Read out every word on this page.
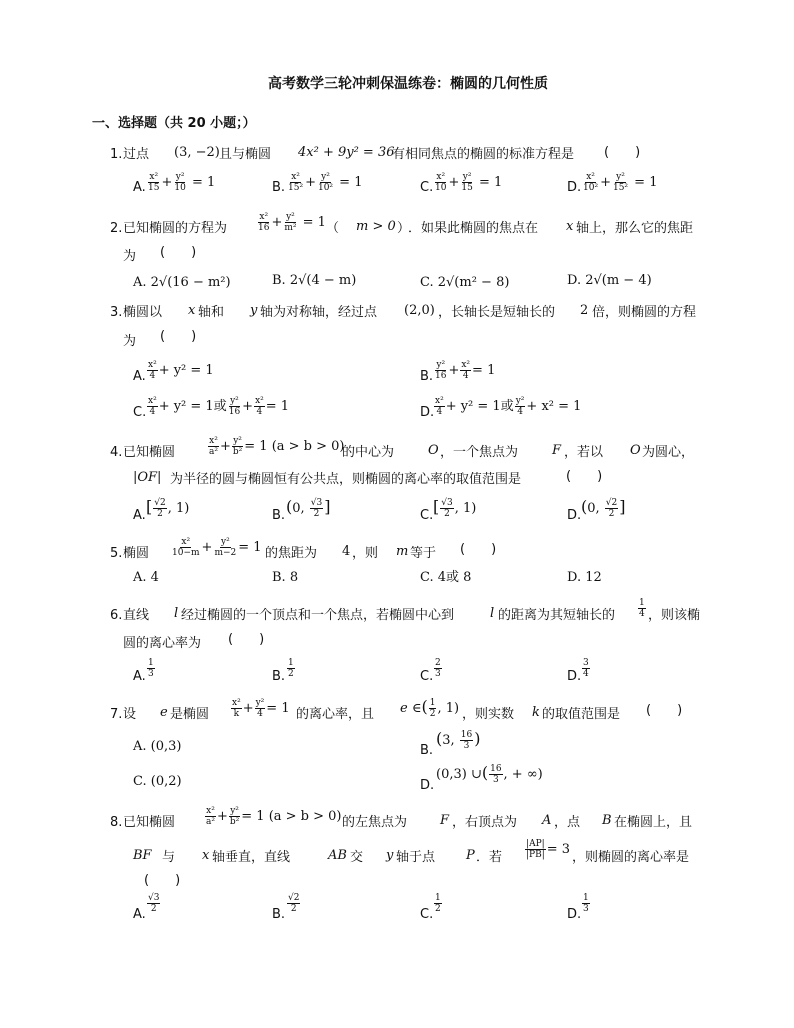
高考数学三轮冲刺保温练卷：椭圆的几何性质
一、选择题（共 20 小题；）
1. 过点 (3, −2) 且与椭圆 4x² + 9y² = 36
有相同焦点的椭圆的标准方程是 (　　)
A. $\frac{\text{x²}}{15} + \frac{\text{y²}}{10} = 1$	B. $\frac{\text{x²}}{\text{15²}} + \frac{\text{y²}}{\text{10²}} = 1$	C. $\frac{\text{x²}}{10} + \frac{\text{y²}}{15} = 1$	D. $\frac{\text{x²}}{\text{10²}} + \frac{\text{y²}}{\text{15²}} = 1$
2. 已知椭圆的方程为	$\frac{\text{x²}}{16} + \frac{\text{y²}}{\text{m²}} = 1$ （ m > 0 ）
．如果此椭圆的焦点在 x 轴上，那么它的焦距
为 (　　)
A. 2√(16 − m²)	B. 2√(4 − m)	C. 2√(m² − 8)	D. 2√(m − 4)
3. 椭圆以 x 轴和 y 轴为对称轴，经过点 (2,0) ，长轴长是短轴长的 2 倍，则椭圆的方程
为 (　　)
A. $\frac{\text{x²}}{4} + y^2 = 1$	B. $\frac{\text{y²}}{16} + \frac{\text{x²}}{4} = 1$
C. $\frac{\text{x²}}{4} + y^2 = 1$或 $\frac{\text{y²}}{16} + \frac{\text{x²}}{4} = 1$	D. $\frac{\text{x²}}{4} + y^2 = 1$或 $\frac{\text{y²}}{4} + x^2 = 1$
4. 已知椭圆	$\frac{\text{x²}}{\text{a²}} + \frac{\text{y²}}{\text{b²}} = 1$ (a > b > 0)
的中心为	O ，一个焦点为	F ，若以 O 为圆心，
|OF| 为半径的圆与椭圆恒有公共点，则椭圆的离心率的取值范围是	(　　)
A. [ $\frac{√2}{2}$ , 1)	B. (0, $\frac{√3}{2}$ ]	C. [ $\frac{√3}{2}$ , 1)	D. (0, $\frac{√2}{2}$ ]
5. 椭圆 $\frac{\text{x²}}{10-m} + \frac{\text{y²}}{m-2} = 1$ 的焦距为 4 ，则 m 等于 (　　)
A. 4	B. 8	C. 4或 8	D. 12
6. 直线 l 经过椭圆的一个顶点和一个焦点，若椭圆中心到	l 的距离为其短轴长的	$\frac{1}{4}$ ，则该椭
圆的离心率为 (　　)
A. $\frac{1}{3}$	B. $\frac{1}{2}$	C. $\frac{2}{3}$	D. $\frac{3}{4}$
7. 设 e 是椭圆 $\frac{\text{x²}}{k} + \frac{\text{y²}}{4} = 1$ 的离心率，且 e ∈( $\frac{1}{2}$ , 1) ，则实数 k 的取值范围是 (　　)
A. (0,3)	B.
(3, $\frac{16}{3}$ )
C. (0,2)	D.
(0,3) ∪( $\frac{16}{3}$ , + ∞)
8. 已知椭圆	$\frac{\text{x²}}{\text{a²}} + \frac{\text{y²}}{\text{b²}} = 1$ (a > b > 0) 的左焦点为	F ，右顶点为 A ，点 B 在椭圆上，且
BF 与 x 轴垂直，直线	AB 交 y 轴于点 P ．若	$\frac{|AP|}{|PB|} = 3$
，则椭圆的离心率是
(　　)
A.
$\frac{√3}{2}$
B.
$\frac{√2}{2}$
C.
$\frac{1}{2}$
D.
$\frac{1}{3}$
